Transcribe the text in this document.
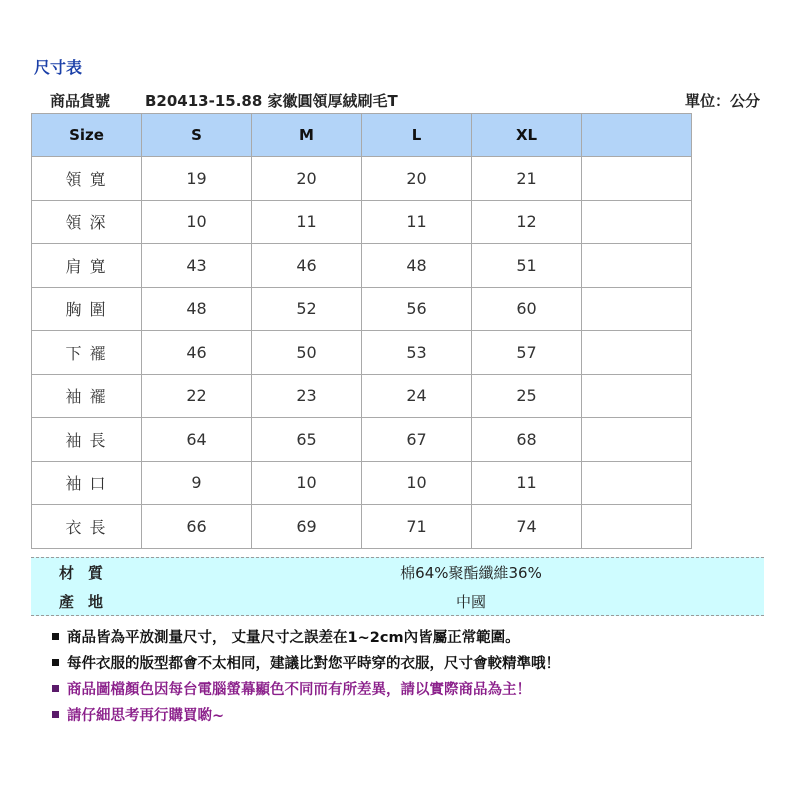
尺寸表
商品貨號 B20413-15.88 家徽圓領厚絨刷毛T	單位：公分
Size	S	M	L	XL	
領寬	19	20	20	21	
領深	10	11	11	12	
肩寬	43	46	48	51	
胸圍	48	52	56	60	
下襬	46	50	53	57	
袖襬	22	23	24	25	
袖長	64	65	67	68	
袖口	9	10	10	11	
衣長	66	69	71	74	
材質	棉64%聚酯纖維36%
產地	中國
商品皆為平放測量尺寸， 丈量尺寸之誤差在1~2cm內皆屬正常範圍。
每件衣服的版型都會不太相同，建議比對您平時穿的衣服，尺寸會較精準哦！
商品圖檔顏色因每台電腦螢幕顯色不同而有所差異，請以實際商品為主！
請仔細思考再行購買喲~
